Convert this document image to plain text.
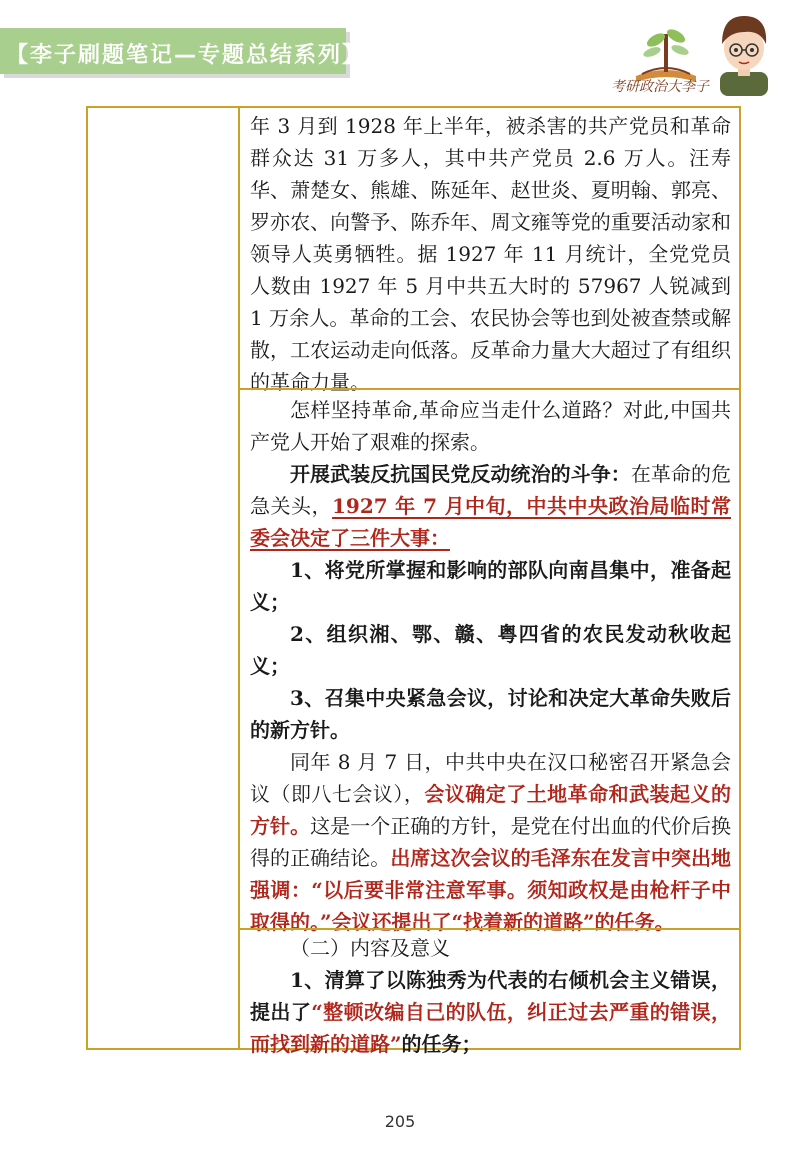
【李子刷题笔记—专题总结系列】
考研政治大李子

年 3 月到 1928 年上半年，被杀害的共产党员和革命群众达 31 万多人，其中共产党员 2.6 万人。汪寿华、萧楚女、熊雄、陈延年、赵世炎、夏明翰、郭亮、罗亦农、向警予、陈乔年、周文雍等党的重要活动家和领导人英勇牺牲。据 1927 年 11 月统计，全党党员人数由 1927 年 5 月中共五大时的 57967 人锐减到 1 万余人。革命的工会、农民协会等也到处被查禁或解散，工农运动走向低落。反革命力量大大超过了有组织的革命力量。

怎样坚持革命,革命应当走什么道路？对此,中国共产党人开始了艰难的探索。

开展武装反抗国民党反动统治的斗争：在革命的危急关头，1927 年 7 月中旬，中共中央政治局临时常委会决定了三件大事：

1、将党所掌握和影响的部队向南昌集中，准备起义；

2、组织湘、鄂、赣、粤四省的农民发动秋收起义；

3、召集中央紧急会议，讨论和决定大革命失败后的新方针。

同年 8 月 7 日，中共中央在汉口秘密召开紧急会议（即八七会议），会议确定了土地革命和武装起义的方针。这是一个正确的方针，是党在付出血的代价后换得的正确结论。出席这次会议的毛泽东在发言中突出地强调：“以后要非常注意军事。须知政权是由枪杆子中取得的。”会议还提出了“找着新的道路”的任务。

（二）内容及意义

1、清算了以陈独秀为代表的右倾机会主义错误，提出了“整顿改编自己的队伍，纠正过去严重的错误，而找到新的道路”的任务；

205
